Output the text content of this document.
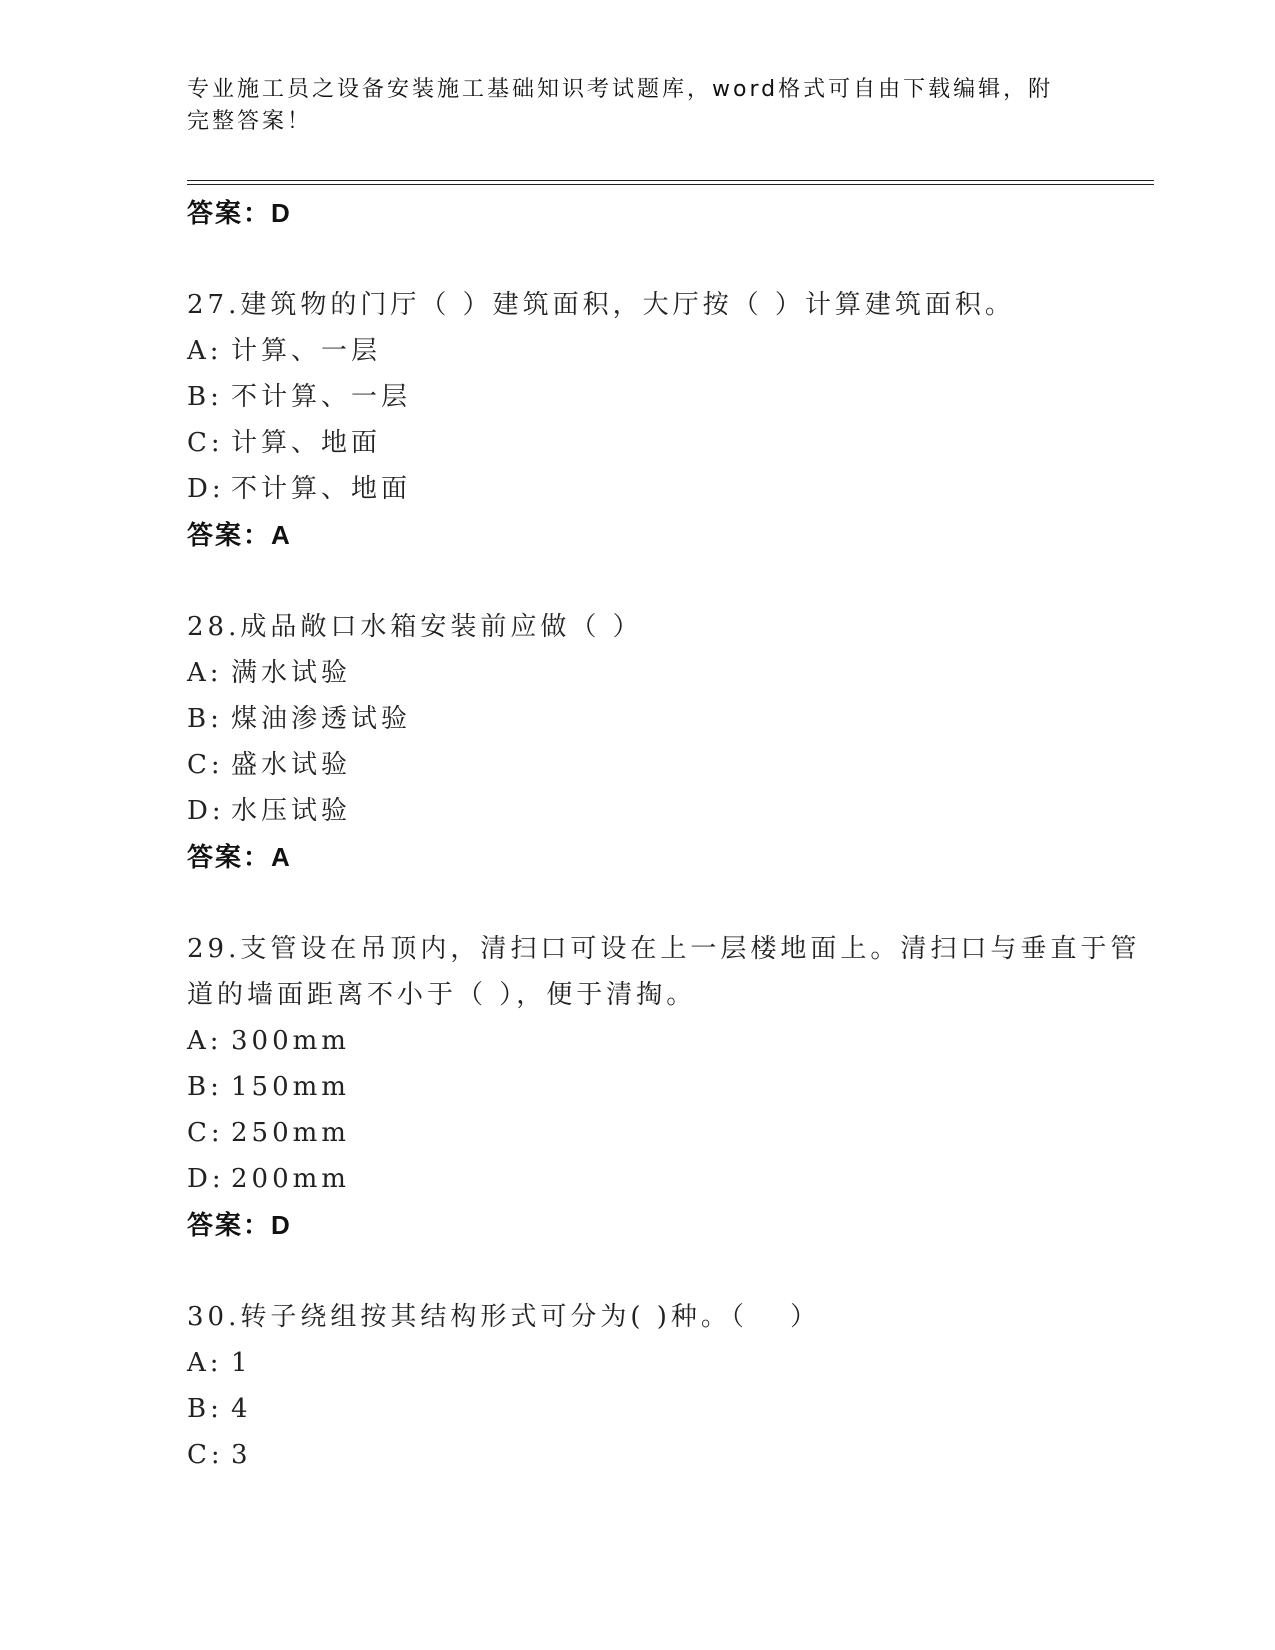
专业施工员之设备安装施工基础知识考试题库，word格式可自由下载编辑，附完整答案！
答案：D
27.建筑物的门厅（ ）建筑面积，大厅按（ ）计算建筑面积。
A: 计算、一层
B: 不计算、一层
C: 计算、地面
D: 不计算、地面
答案：A
28.成品敞口水箱安装前应做（ ）
A: 满水试验
B: 煤油渗透试验
C: 盛水试验
D: 水压试验
答案：A
29.支管设在吊顶内，清扫口可设在上一层楼地面上。清扫口与垂直于管道的墙面距离不小于（ ），便于清掏。
A: 300mm
B: 150mm
C: 250mm
D: 200mm
答案：D
30.转子绕组按其结构形式可分为( )种。（　 ）
A: 1
B: 4
C: 3
